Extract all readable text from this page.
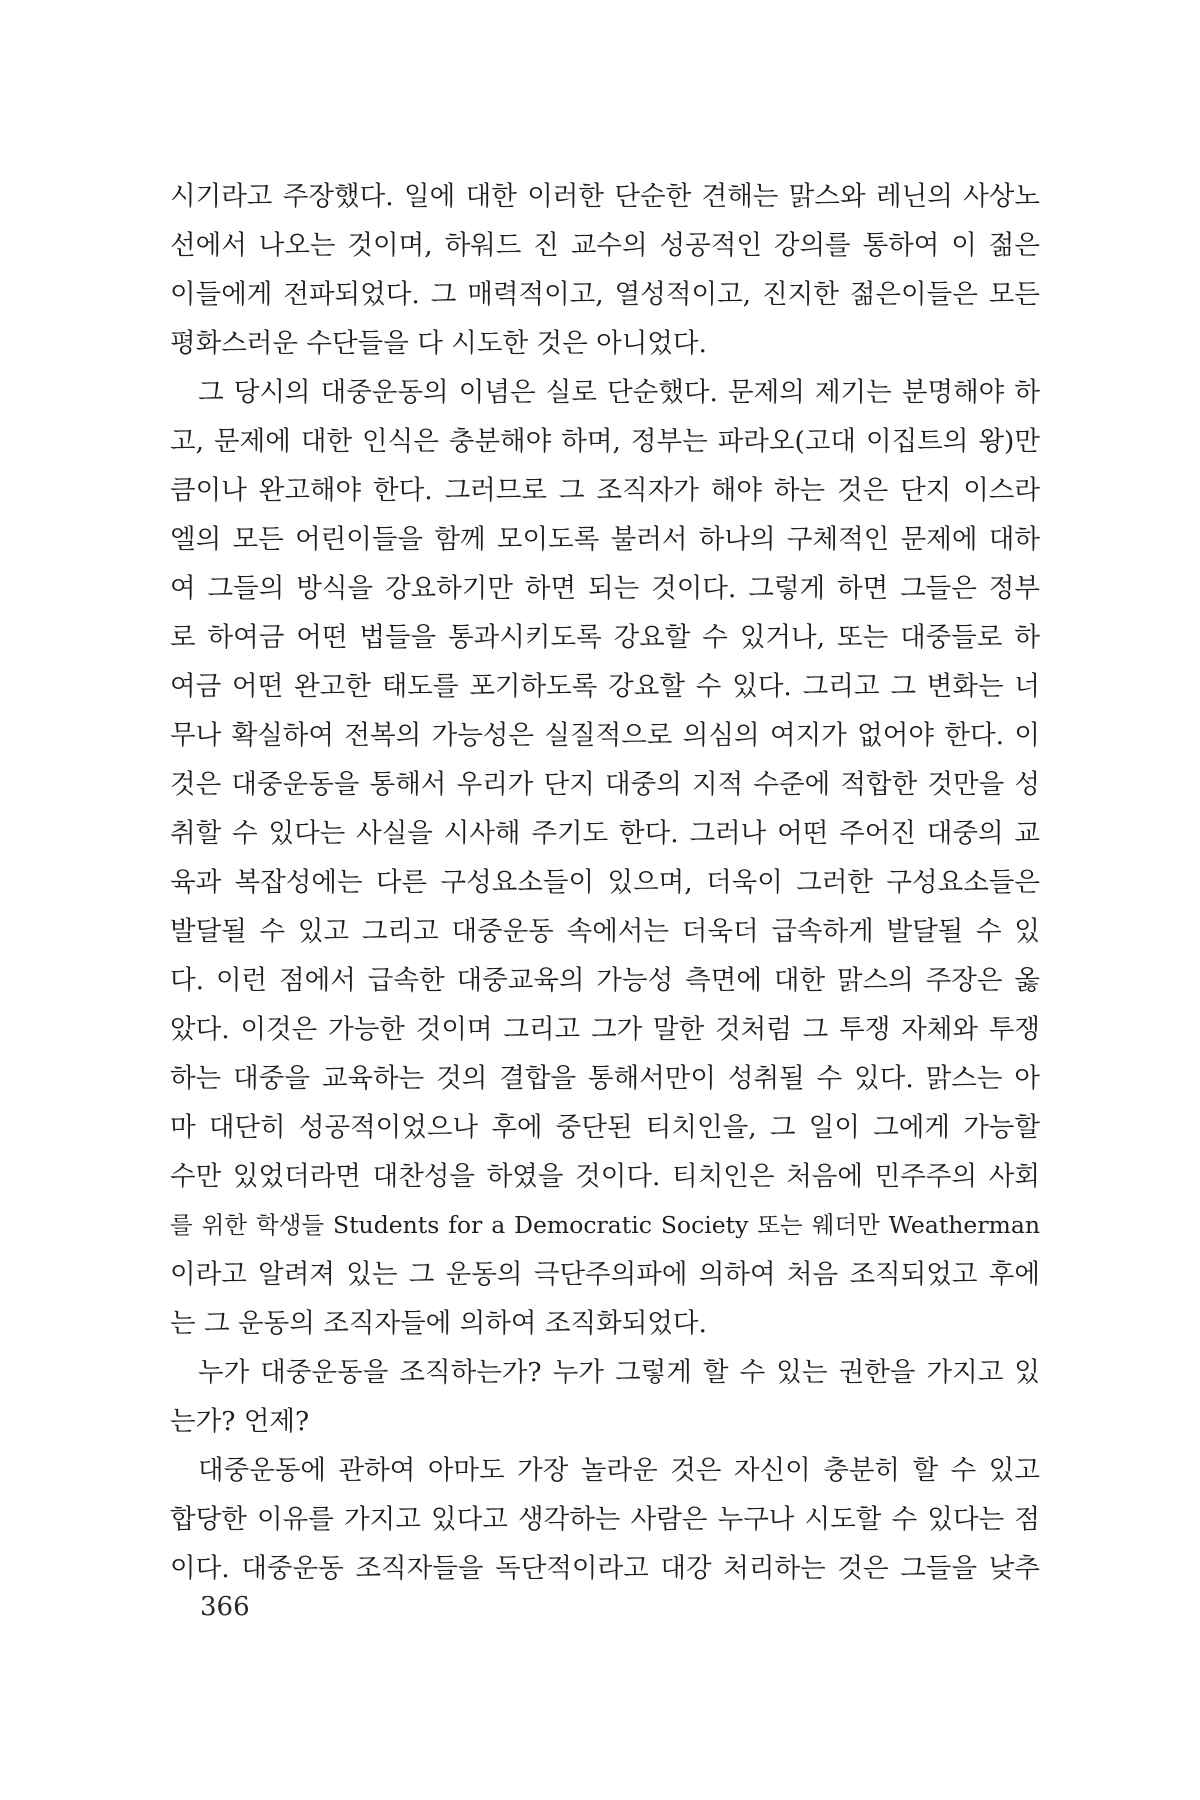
시기라고 주장했다. 일에 대한 이러한 단순한 견해는 맑스와 레닌의 사상노
선에서 나오는 것이며, 하워드 진 교수의 성공적인 강의를 통하여 이 젊은
이들에게 전파되었다. 그 매력적이고, 열성적이고, 진지한 젊은이들은 모든
평화스러운 수단들을 다 시도한 것은 아니었다.
그 당시의 대중운동의 이념은 실로 단순했다. 문제의 제기는 분명해야 하
고, 문제에 대한 인식은 충분해야 하며, 정부는 파라오(고대 이집트의 왕)만
큼이나 완고해야 한다. 그러므로 그 조직자가 해야 하는 것은 단지 이스라
엘의 모든 어린이들을 함께 모이도록 불러서 하나의 구체적인 문제에 대하
여 그들의 방식을 강요하기만 하면 되는 것이다. 그렇게 하면 그들은 정부
로 하여금 어떤 법들을 통과시키도록 강요할 수 있거나, 또는 대중들로 하
여금 어떤 완고한 태도를 포기하도록 강요할 수 있다. 그리고 그 변화는 너
무나 확실하여 전복의 가능성은 실질적으로 의심의 여지가 없어야 한다. 이
것은 대중운동을 통해서 우리가 단지 대중의 지적 수준에 적합한 것만을 성
취할 수 있다는 사실을 시사해 주기도 한다. 그러나 어떤 주어진 대중의 교
육과 복잡성에는 다른 구성요소들이 있으며, 더욱이 그러한 구성요소들은
발달될 수 있고 그리고 대중운동 속에서는 더욱더 급속하게 발달될 수 있
다. 이런 점에서 급속한 대중교육의 가능성 측면에 대한 맑스의 주장은 옳
았다. 이것은 가능한 것이며 그리고 그가 말한 것처럼 그 투쟁 자체와 투쟁
하는 대중을 교육하는 것의 결합을 통해서만이 성취될 수 있다. 맑스는 아
마 대단히 성공적이었으나 후에 중단된 티치인을, 그 일이 그에게 가능할
수만 있었더라면 대찬성을 하였을 것이다. 티치인은 처음에 민주주의 사회
를 위한 학생들 Students for a Democratic Society 또는 웨더만 Weatherman
이라고 알려져 있는 그 운동의 극단주의파에 의하여 처음 조직되었고 후에
는 그 운동의 조직자들에 의하여 조직화되었다.
누가 대중운동을 조직하는가? 누가 그렇게 할 수 있는 권한을 가지고 있
는가? 언제?
대중운동에 관하여 아마도 가장 놀라운 것은 자신이 충분히 할 수 있고
합당한 이유를 가지고 있다고 생각하는 사람은 누구나 시도할 수 있다는 점
이다. 대중운동 조직자들을 독단적이라고 대강 처리하는 것은 그들을 낮추
366
